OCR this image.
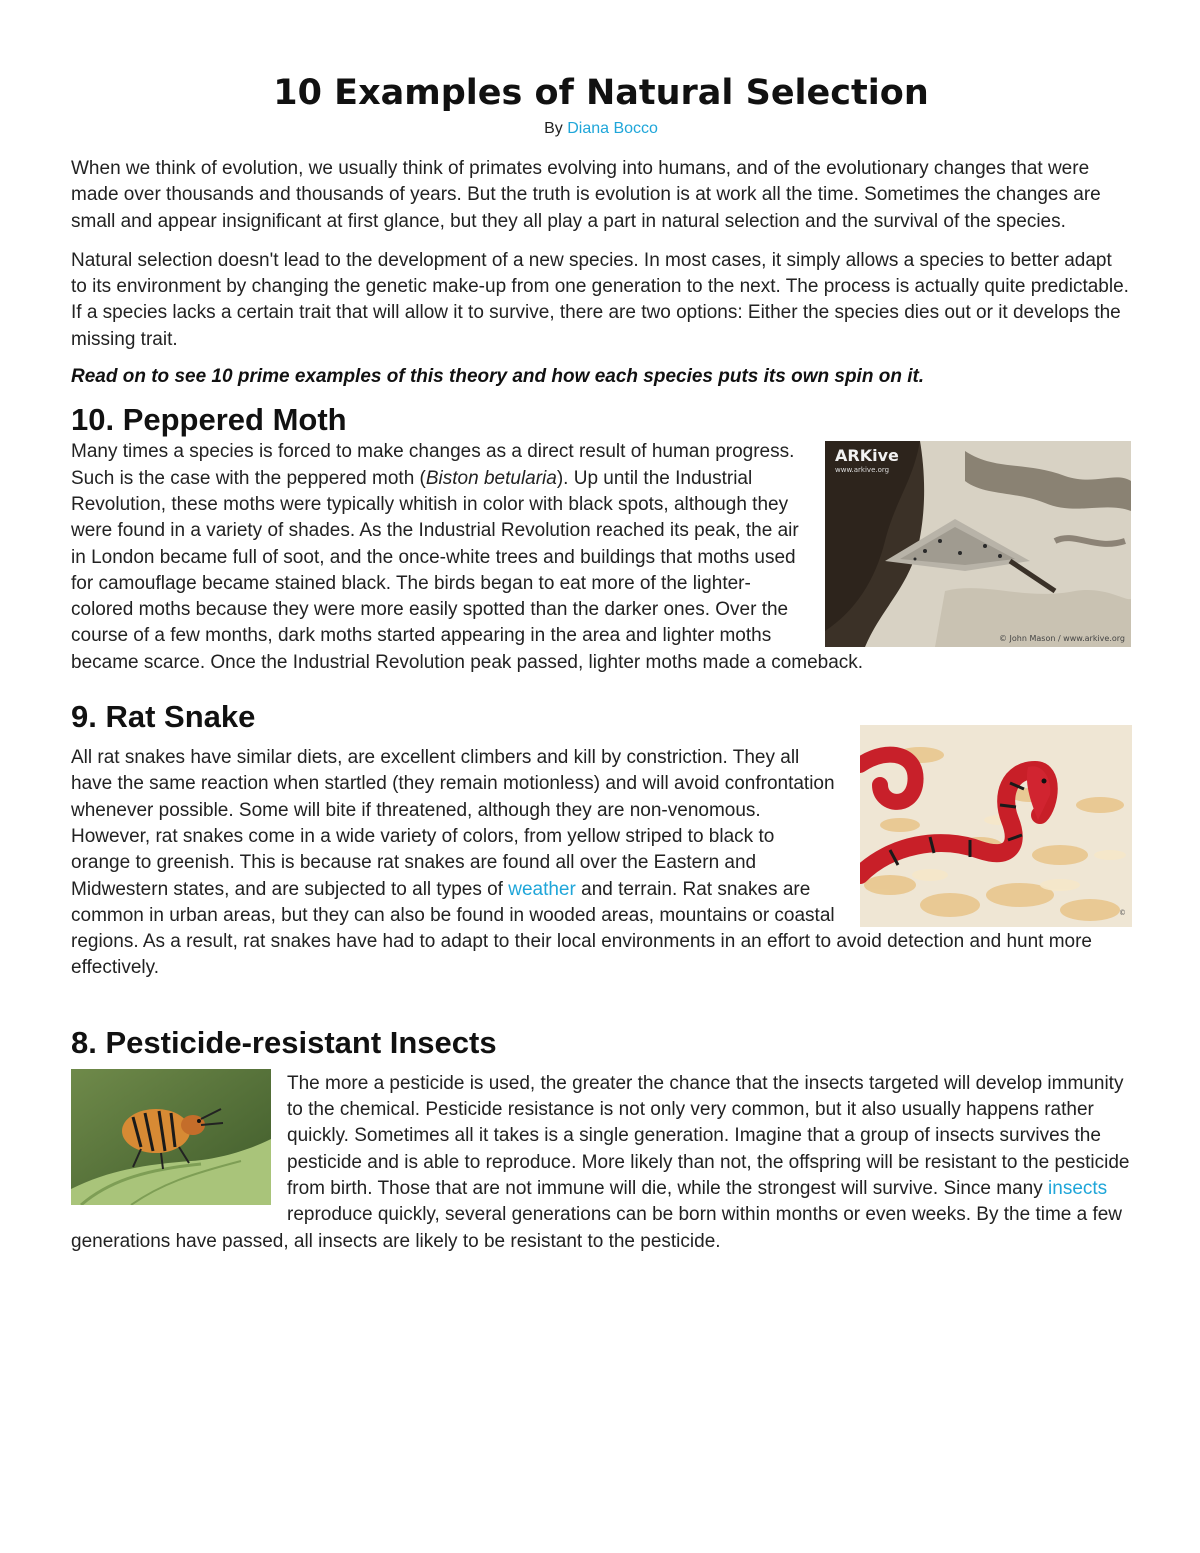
10 Examples of Natural Selection
By Diana Bocco

When we think of evolution, we usually think of primates evolving into humans, and of the evolutionary changes that were made over thousands and thousands of years. But the truth is evolution is at work all the time. Sometimes the changes are small and appear insignificant at first glance, but they all play a part in natural selection and the survival of the species.

Natural selection doesn't lead to the development of a new species. In most cases, it simply allows a species to better adapt to its environment by changing the genetic make-up from one generation to the next. The process is actually quite predictable. If a species lacks a certain trait that will allow it to survive, there are two options: Either the species dies out or it develops the missing trait.

Read on to see 10 prime examples of this theory and how each species puts its own spin on it.

10. Peppered Moth
ARKive
www.arkive.org
© John Mason / www.arkive.org

Many times a species is forced to make changes as a direct result of human progress. Such is the case with the peppered moth (Biston betularia). Up until the Industrial Revolution, these moths were typically whitish in color with black spots, although they were found in a variety of shades. As the Industrial Revolution reached its peak, the air in London became full of soot, and the once-white trees and buildings that moths used for camouflage became stained black. The birds began to eat more of the lighter-colored moths because they were more easily spotted than the darker ones. Over the course of a few months, dark moths started appearing in the area and lighter moths became scarce. Once the Industrial Revolution peak passed, lighter moths made a comeback.

9. Rat Snake
©

All rat snakes have similar diets, are excellent climbers and kill by constriction. They all have the same reaction when startled (they remain motionless) and will avoid confrontation whenever possible. Some will bite if threatened, although they are non-venomous. However, rat snakes come in a wide variety of colors, from yellow striped to black to orange to greenish. This is because rat snakes are found all over the Eastern and Midwestern states, and are subjected to all types of weather and terrain. Rat snakes are common in urban areas, but they can also be found in wooded areas, mountains or coastal regions. As a result, rat snakes have had to adapt to their local environments in an effort to avoid detection and hunt more effectively.

8. Pesticide-resistant Insects

The more a pesticide is used, the greater the chance that the insects targeted will develop immunity to the chemical. Pesticide resistance is not only very common, but it also usually happens rather quickly. Sometimes all it takes is a single generation. Imagine that a group of insects survives the pesticide and is able to reproduce. More likely than not, the offspring will be resistant to the pesticide from birth. Those that are not immune will die, while the strongest will survive. Since many insects reproduce quickly, several generations can be born within months or even weeks. By the time a few generations have passed, all insects are likely to be resistant to the pesticide.
